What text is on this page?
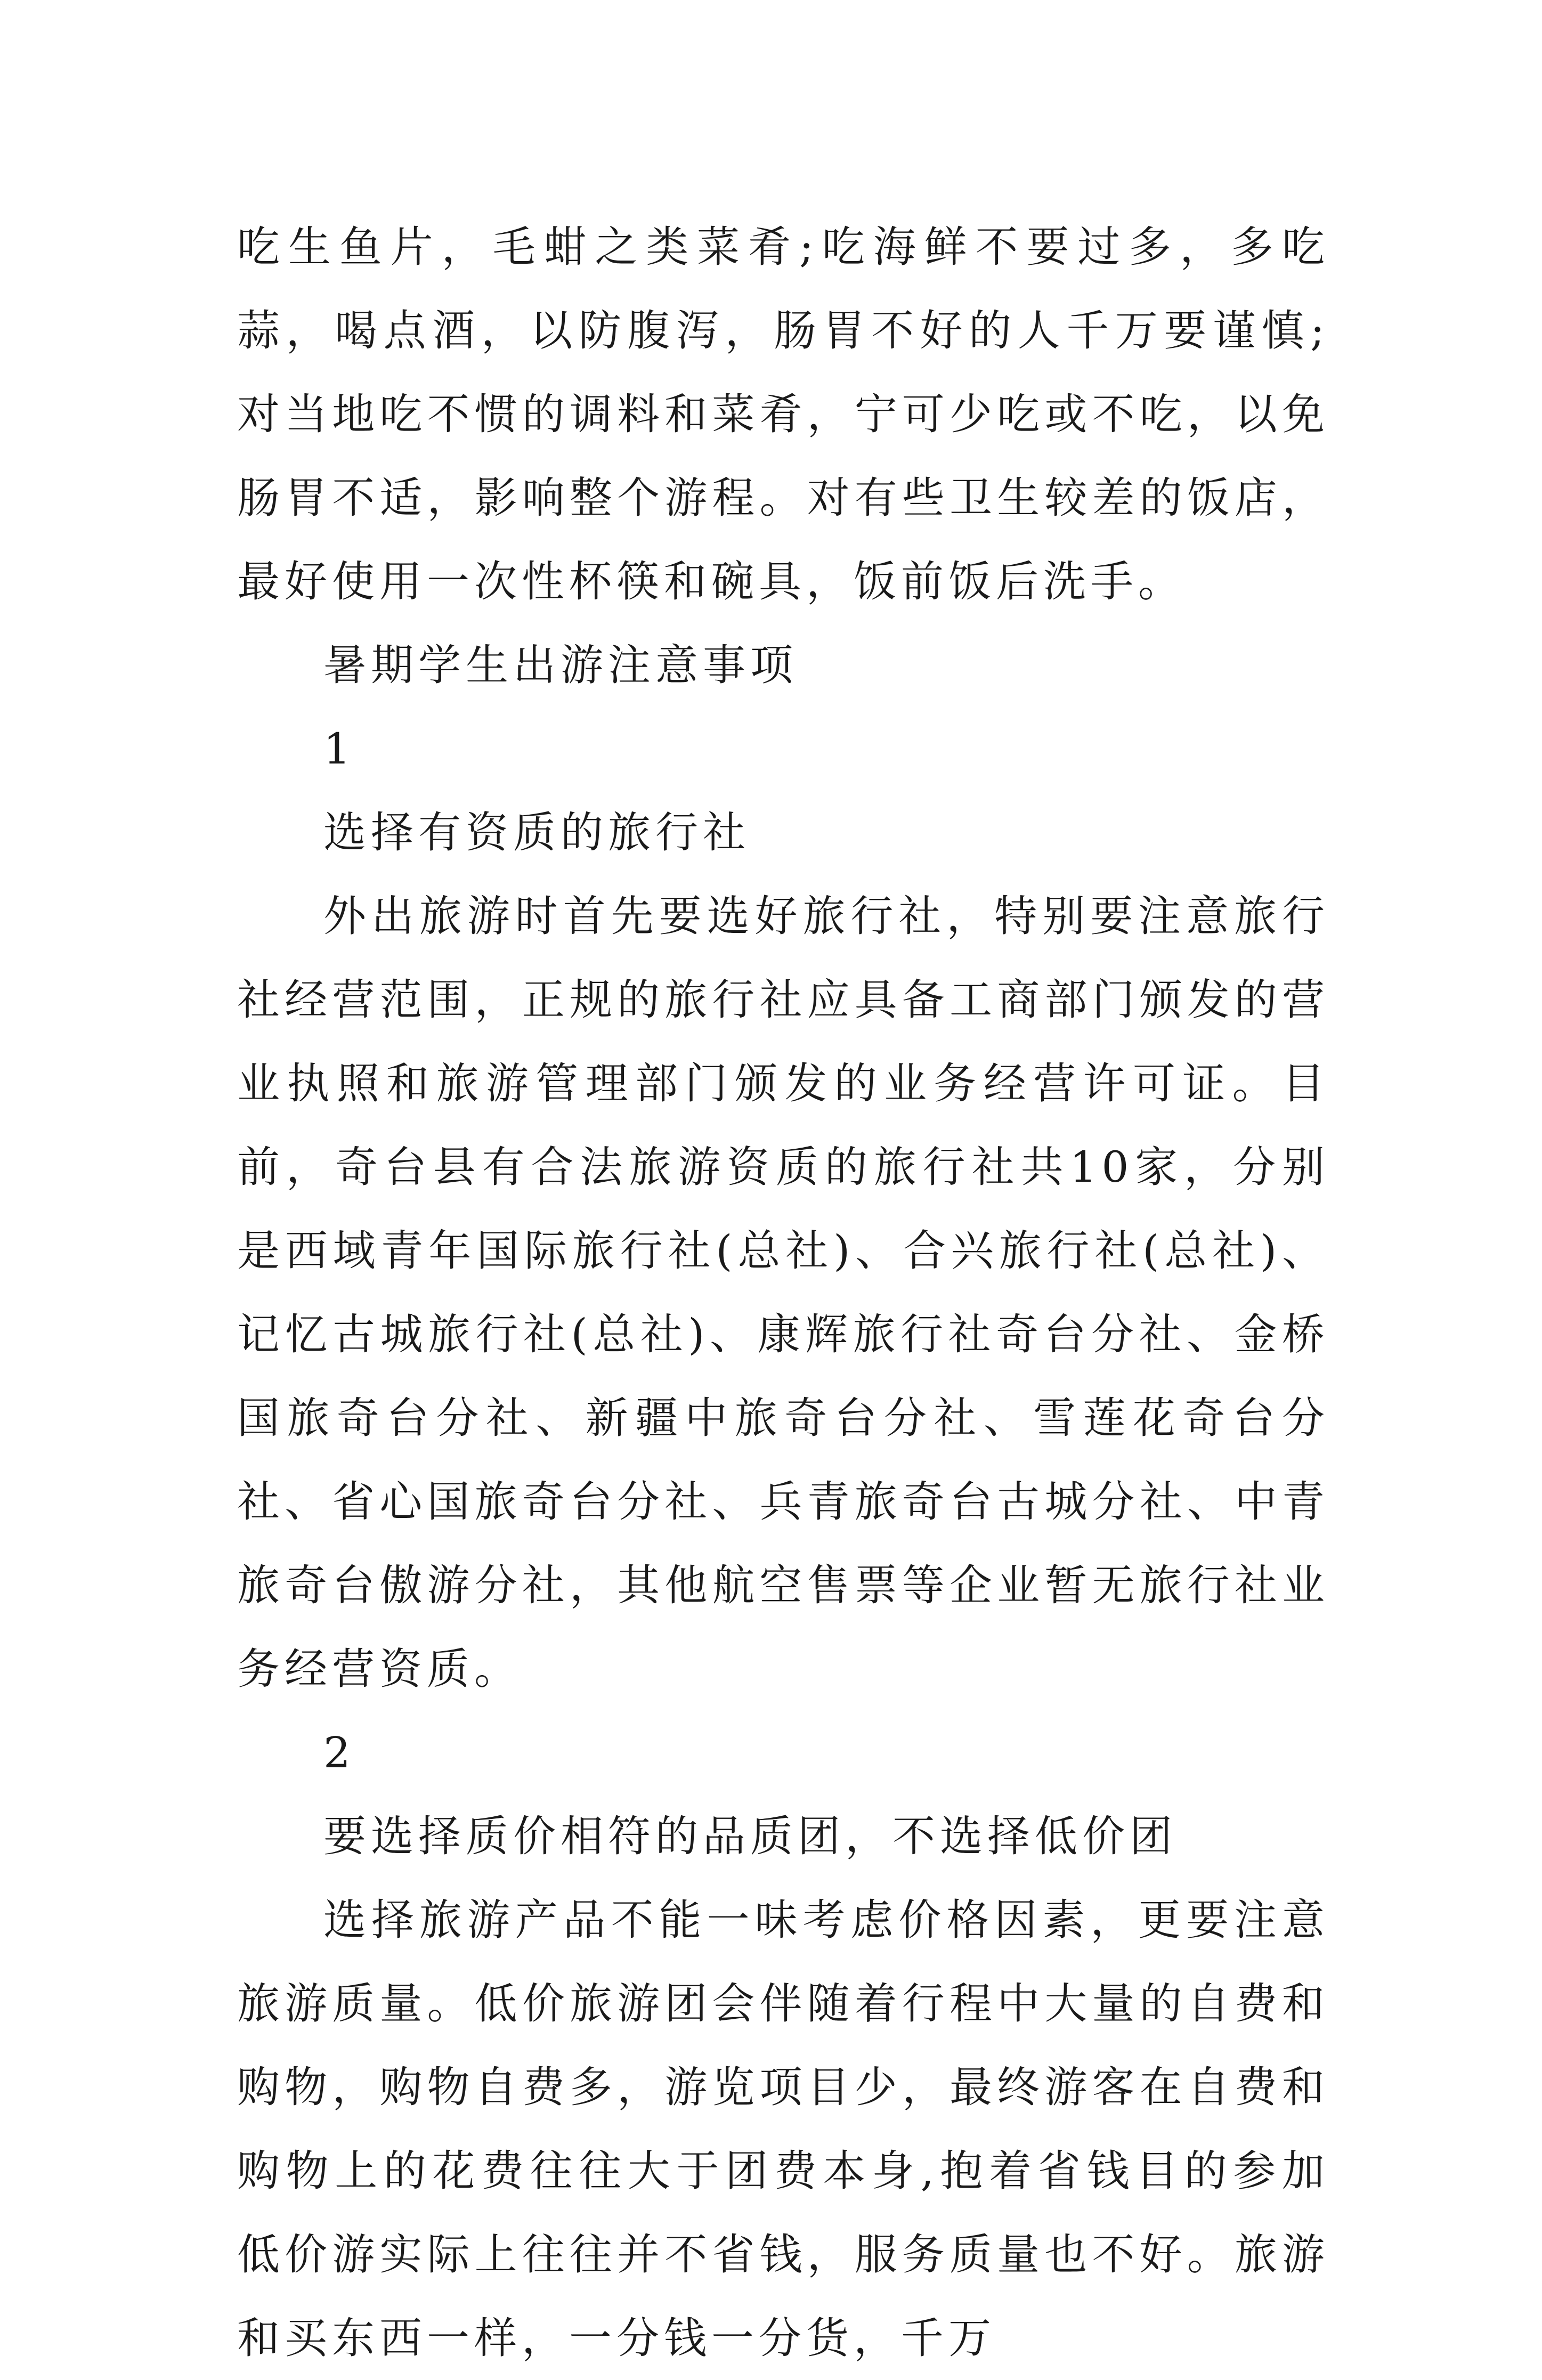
吃生鱼片，毛蚶之类菜肴;吃海鲜不要过多，多吃蒜，喝点酒，以防腹泻，肠胃不好的人千万要谨慎;对当地吃不惯的调料和菜肴，宁可少吃或不吃，以免肠胃不适，影响整个游程。对有些卫生较差的饭店，最好使用一次性杯筷和碗具，饭前饭后洗手。

暑期学生出游注意事项

1

选择有资质的旅行社

外出旅游时首先要选好旅行社，特别要注意旅行社经营范围，正规的旅行社应具备工商部门颁发的营业执照和旅游管理部门颁发的业务经营许可证。目前，奇台县有合法旅游资质的旅行社共10家，分别是西域青年国际旅行社(总社)、合兴旅行社(总社)、记忆古城旅行社(总社)、康辉旅行社奇台分社、金桥国旅奇台分社、新疆中旅奇台分社、雪莲花奇台分社、省心国旅奇台分社、兵青旅奇台古城分社、中青旅奇台傲游分社，其他航空售票等企业暂无旅行社业务经营资质。

2

要选择质价相符的品质团，不选择低价团

选择旅游产品不能一味考虑价格因素，更要注意旅游质量。低价旅游团会伴随着行程中大量的自费和购物，购物自费多，游览项目少，最终游客在自费和购物上的花费往往大于团费本身,抱着省钱目的参加低价游实际上往往并不省钱，服务质量也不好。旅游和买东西一样，一分钱一分货，千万
